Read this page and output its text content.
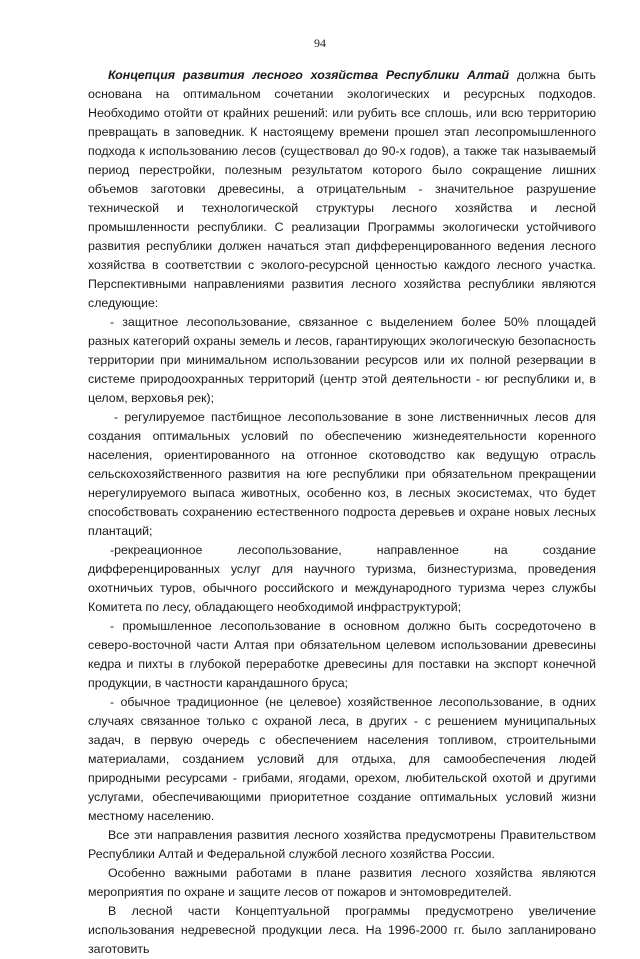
94

Концепция развития лесного хозяйства Республики Алтай должна быть основана на оптимальном сочетании экологических и ресурсных подходов. Необходимо отойти от крайних решений: или рубить все сплошь, или всю территорию превращать в заповедник. К настоящему времени прошел этап лесопромышленного подхода к использованию лесов (существовал до 90-х годов), а также так называемый период перестройки, полезным результатом которого было сокращение лишних объемов заготовки древесины, а отрицательным - значительное разрушение технической и технологической структуры лесного хозяйства и лесной промышленности республики. С реализации Программы экологически устойчивого развития республики должен начаться этап дифференцированного ведения лесного хозяйства в соответствии с эколого-ресурсной ценностью каждого лесного участка. Перспективными направлениями развития лесного хозяйства республики являются следующие:

- защитное лесопользование, связанное с выделением более 50% площадей разных категорий охраны земель и лесов, гарантирующих экологическую безопасность территории при минимальном использовании ресурсов или их полной резервации в системе природоохранных территорий (центр этой деятельности - юг республики и, в целом, верховья рек);

- регулируемое пастбищное лесопользование в зоне лиственничных лесов для создания оптимальных условий по обеспечению жизнедеятельности коренного населения, ориентированного на отгонное скотоводство как ведущую отрасль сельскохозяйственного развития на юге республики при обязательном прекращении нерегулируемого выпаса животных, особенно коз, в лесных экосистемах, что будет способствовать сохранению естественного подроста деревьев и охране новых лесных плантаций;

-рекреационное лесопользование, направленное на создание дифференцированных услуг для научного туризма, бизнестуризма, проведения охотничьих туров, обычного российского и международного туризма через службы Комитета по лесу, обладающего необходимой инфраструктурой;

- промышленное лесопользование в основном должно быть сосредоточено в северо-восточной части Алтая при обязательном целевом использовании древесины кедра и пихты в глубокой переработке древесины для поставки на экспорт конечной продукции, в частности карандашного бруса;

- обычное традиционное (не целевое) хозяйственное лесопользование, в одних случаях связанное только с охраной леса, в других - с решением муниципальных задач, в первую очередь с обеспечением населения топливом, строительными материалами, созданием условий для отдыха, для самообеспечения людей природными ресурсами - грибами, ягодами, орехом, любительской охотой и другими услугами, обеспечивающими приоритетное создание оптимальных условий жизни местному населению.

Все эти направления развития лесного хозяйства предусмотрены Правительством Республики Алтай и Федеральной службой лесного хозяйства России.

Особенно важными работами в плане развития лесного хозяйства являются мероприятия по охране и защите лесов от пожаров и энтомовредителей.

В лесной части Концептуальной программы предусмотрено увеличение использования недревесной продукции леса. На 1996-2000 гг. было запланировано заготовить
